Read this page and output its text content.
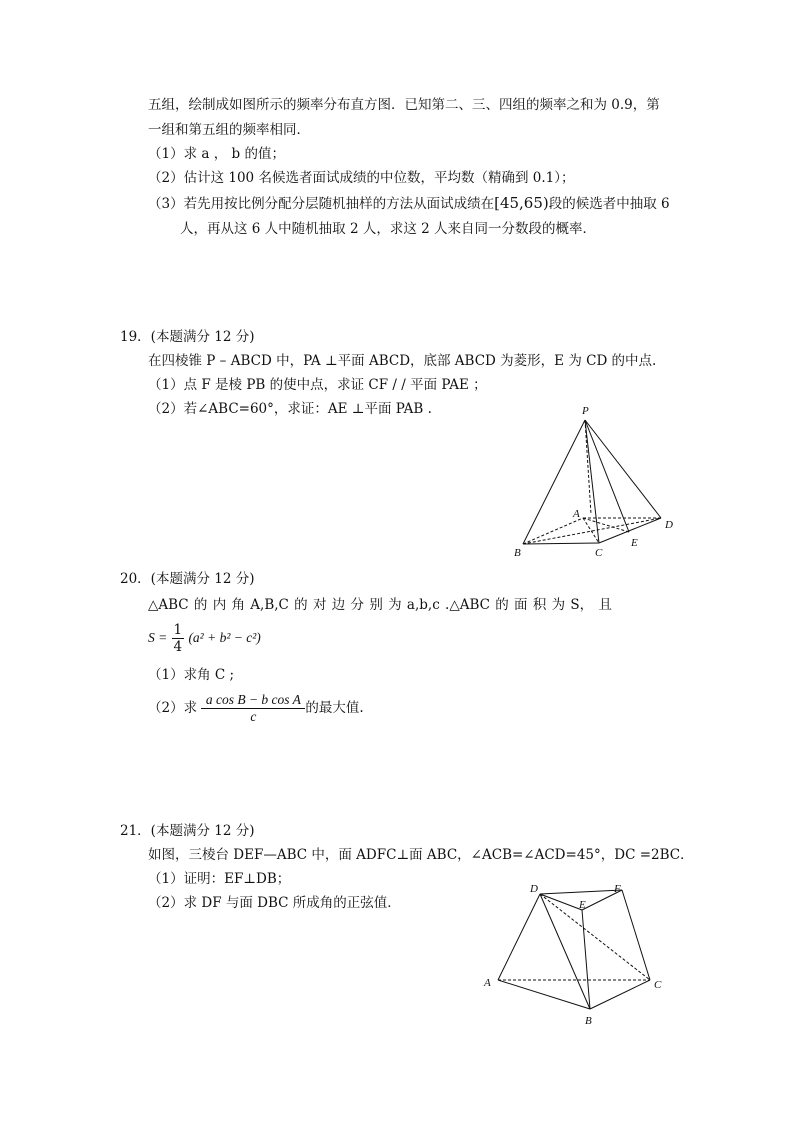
五组，绘制成如图所示的频率分布直方图．已知第二、三、四组的频率之和为 0.9，第
一组和第五组的频率相同．
（1）求 a ， b 的值；
（2）估计这 100 名候选者面试成绩的中位数，平均数（精确到 0.1）；
（3）若先用按比例分配分层随机抽样的方法从面试成绩在[45,65)段的候选者中抽取 6
人，再从这 6 人中随机抽取 2 人，求这 2 人来自同一分数段的概率．
19．(本题满分 12 分)
在四棱锥 P – ABCD 中，PA ⊥平面 ABCD，底部 ABCD 为菱形，E 为 CD 的中点.
（1）点 F 是棱 PB 的使中点，求证 CF / / 平面 PAE ；
（2）若∠ABC=60°，求证：AE ⊥平面 PAB .	P
A
D
B	C
E
20．(本题满分 12 分)
△ABC 的 内 角 A,B,C 的 对 边 分 别 为 a,b,c .△ABC 的 面 积 为 S， 且
$S = \frac{1}{4} (a^2 + b^2 - c^2)$
（1）求角 C ;
（2）求 $\frac{\text{a cos B − b cos A}}{c}$ 的最大值.
21．(本题满分 12 分)
如图，三棱台 DEF—ABC 中，面 ADFC⊥面 ABC，∠ACB=∠ACD=45°，DC =2BC．
（1）证明：EF⊥DB；
（2）求 DF 与面 DBC 所成角的正弦值．
D	F
E
A	C
B
